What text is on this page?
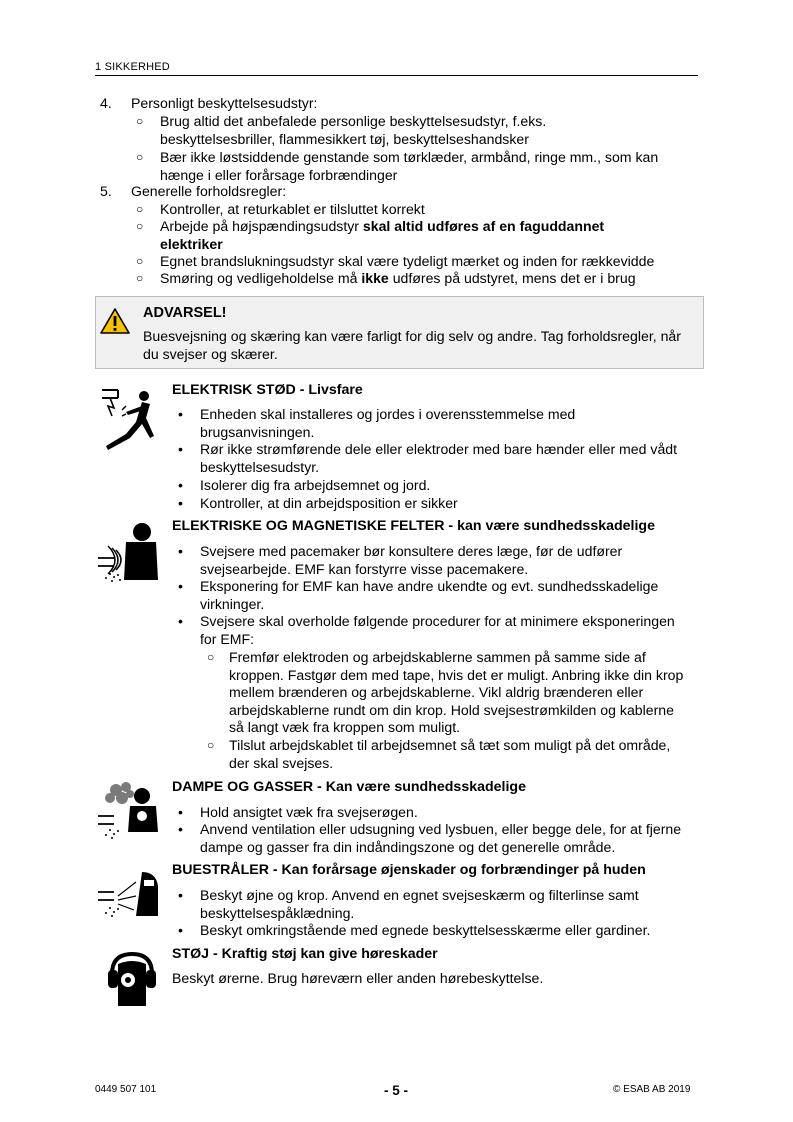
1 SIKKERHED
4.	Personligt beskyttelsesudstyr:
○ Brug altid det anbefalede personlige beskyttelsesudstyr, f.eks.
beskyttelsesbriller, flammesikkert tøj, beskyttelseshandsker
○ Bær ikke løstsiddende genstande som tørklæder, armbånd, ringe mm., som kan
hænge i eller forårsage forbrændinger
5.	Generelle forholdsregler:
○ Kontroller, at returkablet er tilsluttet korrekt
○ Arbejde på højspændingsudstyr skal altid udføres af en faguddannet
elektriker
○ Egnet brandslukningsudstyr skal være tydeligt mærket og inden for rækkevidde
○ Smøring og vedligeholdelse må ikke udføres på udstyret, mens det er i brug
ADVARSEL!
Buesvejsning og skæring kan være farligt for dig selv og andre. Tag forholdsregler, når du svejser og skærer.
ELEKTRISK STØD - Livsfare
• Enheden skal installeres og jordes i overensstemmelse med brugsanvisningen.
• Rør ikke strømførende dele eller elektroder med bare hænder eller med vådt beskyttelsesudstyr.
• Isolerer dig fra arbejdsemnet og jord.
• Kontroller, at din arbejdsposition er sikker
ELEKTRISKE OG MAGNETISKE FELTER - kan være sundhedsskadelige
• Svejsere med pacemaker bør konsultere deres læge, før de udfører svejsearbejde. EMF kan forstyrre visse pacemakere.
• Eksponering for EMF kan have andre ukendte og evt. sundhedsskadelige virkninger.
• Svejsere skal overholde følgende procedurer for at minimere eksponeringen for EMF:
○ Fremfør elektroden og arbejdskablerne sammen på samme side af kroppen. Fastgør dem med tape, hvis det er muligt. Anbring ikke din krop mellem brænderen og arbejdskablerne. Vikl aldrig brænderen eller arbejdskablerne rundt om din krop. Hold svejsestrømkilden og kablerne så langt væk fra kroppen som muligt.
○ Tilslut arbejdskablet til arbejdsemnet så tæt som muligt på det område, der skal svejses.
DAMPE OG GASSER - Kan være sundhedsskadelige
• Hold ansigtet væk fra svejserøgen.
• Anvend ventilation eller udsugning ved lysbuen, eller begge dele, for at fjerne dampe og gasser fra din indåndingszone og det generelle område.
BUESTRÅLER - Kan forårsage øjenskader og forbrændinger på huden
• Beskyt øjne og krop. Anvend en egnet svejseskærm og filterlinse samt beskyttelsespåklædning.
• Beskyt omkringstående med egnede beskyttelsesskærme eller gardiner.
STØJ - Kraftig støj kan give høreskader
Beskyt ørerne. Brug høreværn eller anden hørebeskyttelse.
0449 507 101	- 5 -	© ESAB AB 2019
